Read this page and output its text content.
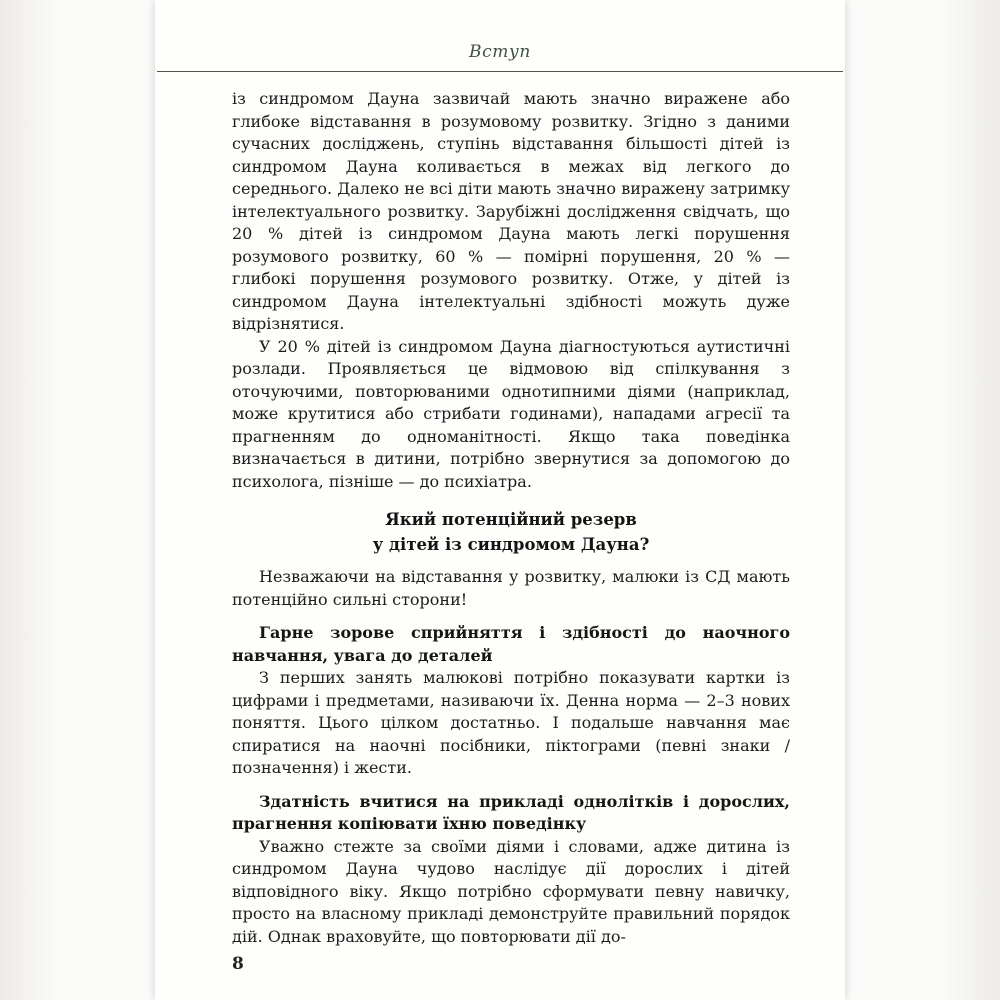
Вступ

із синдромом Дауна зазвичай мають значно виражене або глибоке відставання в розумовому розвитку. Згідно з даними сучасних досліджень, ступінь відставання більшості дітей із синдромом Дауна коливається в межах від легкого до середнього. Далеко не всі діти мають значно виражену затримку інтелектуального розвитку. Зарубіжні дослідження свідчать, що 20 % дітей із синдромом Дауна мають легкі порушення розумового розвитку, 60 % — помірні порушення, 20 % — глибокі порушення розумового розвитку. Отже, у дітей із синдромом Дауна інтелектуальні здібності можуть дуже відрізнятися.

У 20 % дітей із синдромом Дауна діагностуються аутистичні розлади. Проявляється це відмовою від спілкування з оточуючими, повторюваними однотипними діями (наприклад, може крутитися або стрибати годинами), нападами агресії та прагненням до одноманітності. Якщо така поведінка визначається в дитини, потрібно звернутися за допомогою до психолога, пізніше — до психіатра.

Який потенційний резерв
у дітей із синдромом Дауна?

Незважаючи на відставання у розвитку, малюки із СД мають потенційно сильні сторони!

Гарне зорове сприйняття і здібності до наочного навчання, увага до деталей

З перших занять малюкові потрібно показувати картки із цифрами і предметами, називаючи їх. Денна норма — 2–3 нових поняття. Цього цілком достатньо. І подальше навчання має спиратися на наочні посібники, піктограми (певні знаки / позначення) і жести.

Здатність вчитися на прикладі однолітків і дорослих, прагнення копіювати їхню поведінку

Уважно стежте за своїми діями і словами, адже дитина із синдромом Дауна чудово наслідує дії дорослих і дітей відповідного віку. Якщо потрібно сформувати певну навичку, просто на власному прикладі демонструйте правильний порядок дій. Однак враховуйте, що повторювати дії до-

8
